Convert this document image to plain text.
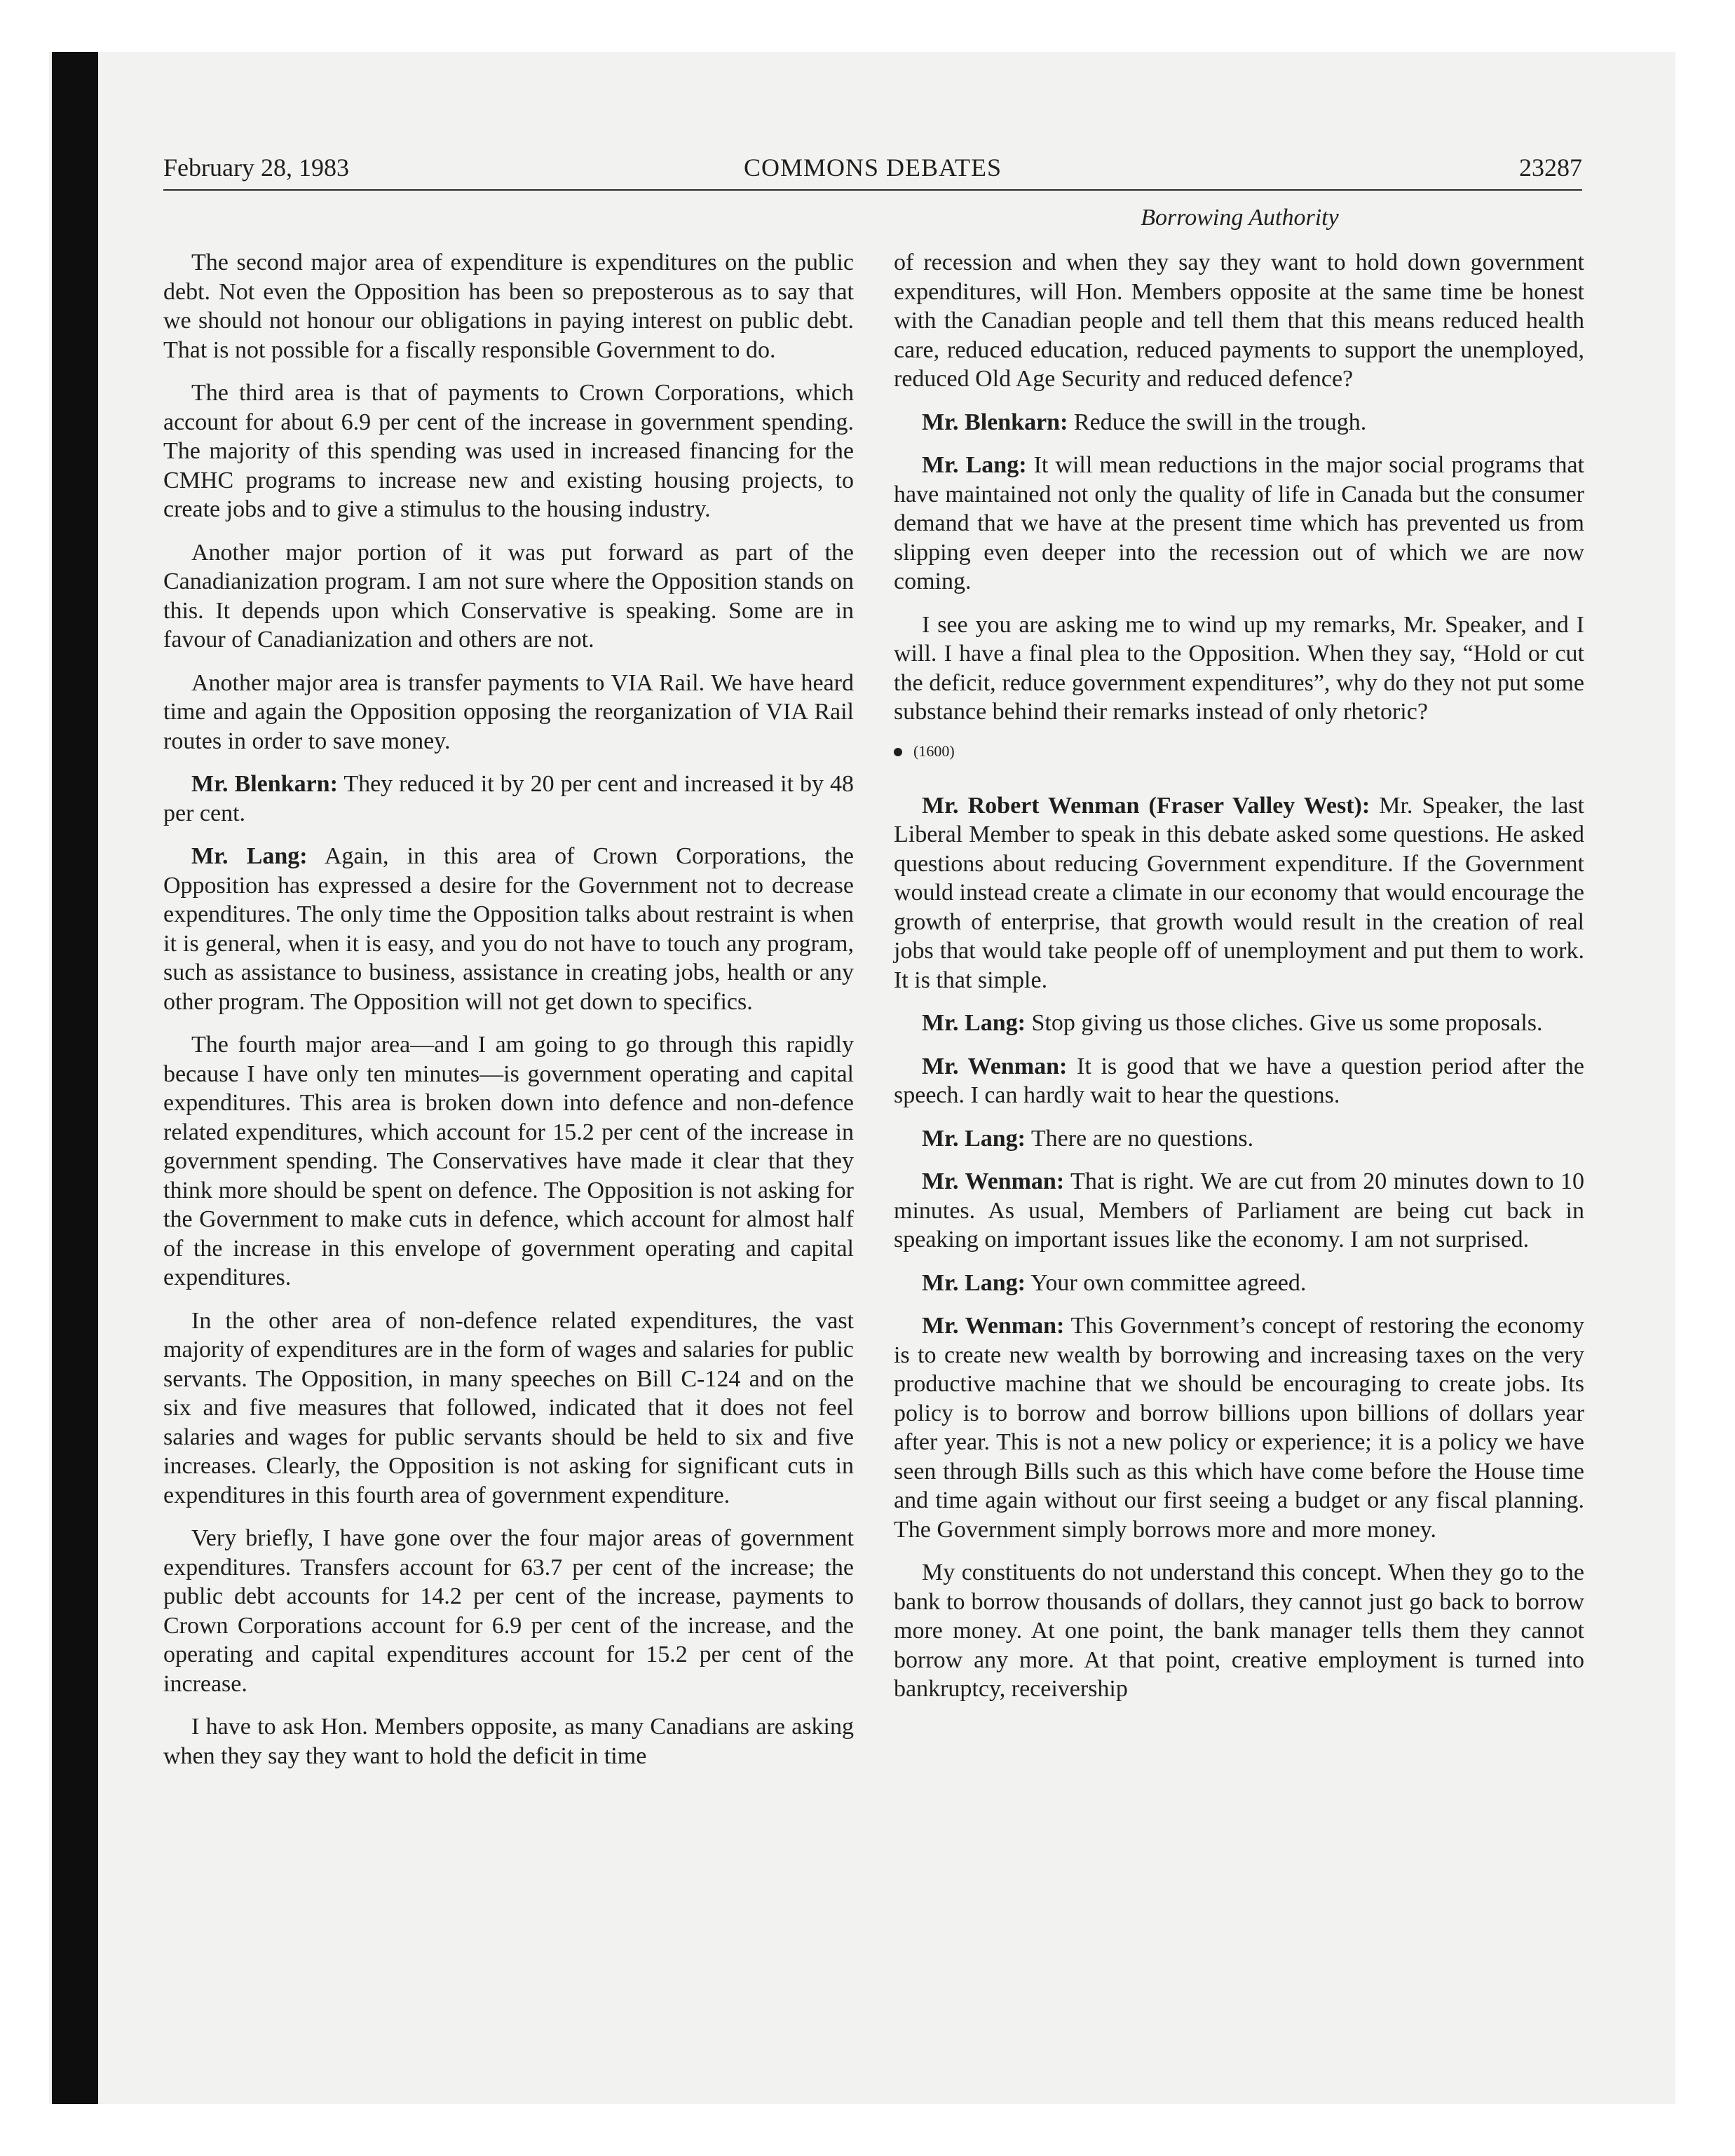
February 28, 1983	COMMONS DEBATES	23287
Borrowing Authority

The second major area of expenditure is expenditures on the public debt. Not even the Opposition has been so preposterous as to say that we should not honour our obligations in paying interest on public debt. That is not possible for a fiscally responsible Government to do.

The third area is that of payments to Crown Corporations, which account for about 6.9 per cent of the increase in government spending. The majority of this spending was used in increased financing for the CMHC programs to increase new and existing housing projects, to create jobs and to give a stimulus to the housing industry.

Another major portion of it was put forward as part of the Canadianization program. I am not sure where the Opposition stands on this. It depends upon which Conservative is speaking. Some are in favour of Canadianization and others are not.

Another major area is transfer payments to VIA Rail. We have heard time and again the Opposition opposing the reorganization of VIA Rail routes in order to save money.

Mr. Blenkarn: They reduced it by 20 per cent and increased it by 48 per cent.

Mr. Lang: Again, in this area of Crown Corporations, the Opposition has expressed a desire for the Government not to decrease expenditures. The only time the Opposition talks about restraint is when it is general, when it is easy, and you do not have to touch any program, such as assistance to business, assistance in creating jobs, health or any other program. The Opposition will not get down to specifics.

The fourth major area—and I am going to go through this rapidly because I have only ten minutes—is government operating and capital expenditures. This area is broken down into defence and non-defence related expenditures, which account for 15.2 per cent of the increase in government spending. The Conservatives have made it clear that they think more should be spent on defence. The Opposition is not asking for the Government to make cuts in defence, which account for almost half of the increase in this envelope of government operating and capital expenditures.

In the other area of non-defence related expenditures, the vast majority of expenditures are in the form of wages and salaries for public servants. The Opposition, in many speeches on Bill C-124 and on the six and five measures that followed, indicated that it does not feel salaries and wages for public servants should be held to six and five increases. Clearly, the Opposition is not asking for significant cuts in expenditures in this fourth area of government expenditure.

Very briefly, I have gone over the four major areas of government expenditures. Transfers account for 63.7 per cent of the increase; the public debt accounts for 14.2 per cent of the increase, payments to Crown Corporations account for 6.9 per cent of the increase, and the operating and capital expenditures account for 15.2 per cent of the increase.

I have to ask Hon. Members opposite, as many Canadians are asking when they say they want to hold the deficit in time

of recession and when they say they want to hold down government expenditures, will Hon. Members opposite at the same time be honest with the Canadian people and tell them that this means reduced health care, reduced education, reduced payments to support the unemployed, reduced Old Age Security and reduced defence?

Mr. Blenkarn: Reduce the swill in the trough.

Mr. Lang: It will mean reductions in the major social programs that have maintained not only the quality of life in Canada but the consumer demand that we have at the present time which has prevented us from slipping even deeper into the recession out of which we are now coming.

I see you are asking me to wind up my remarks, Mr. Speaker, and I will. I have a final plea to the Opposition. When they say, “Hold or cut the deficit, reduce government expenditures”, why do they not put some substance behind their remarks instead of only rhetoric?

(1600)

Mr. Robert Wenman (Fraser Valley West): Mr. Speaker, the last Liberal Member to speak in this debate asked some questions. He asked questions about reducing Government expenditure. If the Government would instead create a climate in our economy that would encourage the growth of enterprise, that growth would result in the creation of real jobs that would take people off of unemployment and put them to work. It is that simple.

Mr. Lang: Stop giving us those cliches. Give us some proposals.

Mr. Wenman: It is good that we have a question period after the speech. I can hardly wait to hear the questions.

Mr. Lang: There are no questions.

Mr. Wenman: That is right. We are cut from 20 minutes down to 10 minutes. As usual, Members of Parliament are being cut back in speaking on important issues like the economy. I am not surprised.

Mr. Lang: Your own committee agreed.

Mr. Wenman: This Government’s concept of restoring the economy is to create new wealth by borrowing and increasing taxes on the very productive machine that we should be encouraging to create jobs. Its policy is to borrow and borrow billions upon billions of dollars year after year. This is not a new policy or experience; it is a policy we have seen through Bills such as this which have come before the House time and time again without our first seeing a budget or any fiscal planning. The Government simply borrows more and more money.

My constituents do not understand this concept. When they go to the bank to borrow thousands of dollars, they cannot just go back to borrow more money. At one point, the bank manager tells them they cannot borrow any more. At that point, creative employment is turned into bankruptcy, receivership
